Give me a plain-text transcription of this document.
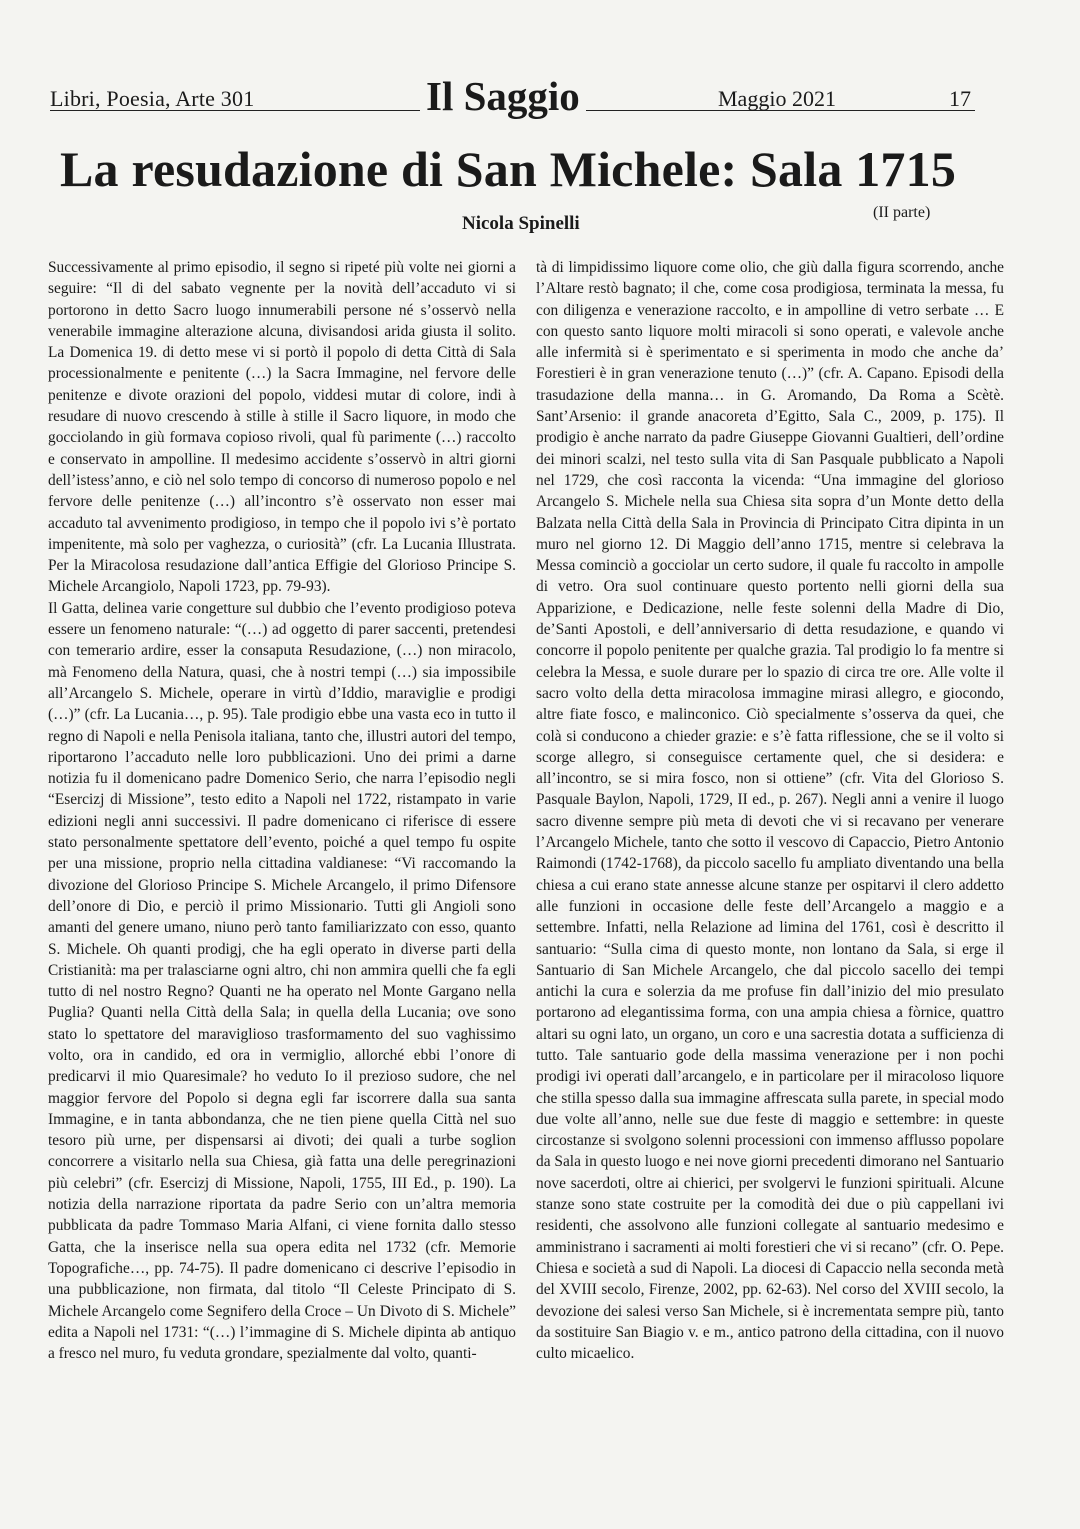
Libri, Poesia, Arte 301	Il Saggio	Maggio 2021	17
La resudazione di San Michele: Sala 1715
Nicola Spinelli
(II parte)

Successivamente al primo episodio, il segno si ripeté più volte nei giorni a seguire: “Il di del sabato vegnente per la novità dell’accaduto vi si portorono in detto Sacro luogo innumerabili persone né s’osservò nella venerabile immagine alterazione alcuna, divisandosi arida giusta il solito. La Domenica 19. di detto mese vi si portò il popolo di detta Città di Sala processionalmente e penitente (…) la Sacra Immagine, nel fervore delle penitenze e divote orazioni del popolo, viddesi mutar di colore, indi à resudare di nuovo crescendo à stille à stille il Sacro liquore, in modo che gocciolando in giù formava copioso rivoli, qual fù parimente (…) raccolto e conservato in ampolline. Il medesimo accidente s’osservò in altri giorni dell’istess’anno, e ciò nel solo tempo di concorso di numeroso popolo e nel fervore delle penitenze (…) all’incontro s’è osservato non esser mai accaduto tal avvenimento prodigioso, in tempo che il popolo ivi s’è portato impenitente, mà solo per vaghezza, o curiosità” (cfr. La Lucania Illustrata. Per la Miracolosa resudazione dall’antica Effigie del Glorioso Principe S. Michele Arcangiolo, Napoli 1723, pp. 79-93).

Il Gatta, delinea varie congetture sul dubbio che l’evento prodigioso poteva essere un fenomeno naturale: “(…) ad oggetto di parer saccenti, pretendesi con temerario ardire, esser la consaputa Resudazione, (…) non miracolo, mà Fenomeno della Natura, quasi, che à nostri tempi (…) sia impossibile all’Arcangelo S. Michele, operare in virtù d’Iddio, maraviglie e prodigi (…)” (cfr. La Lucania…, p. 95). Tale prodigio ebbe una vasta eco in tutto il regno di Napoli e nella Penisola italiana, tanto che, illustri autori del tempo, riportarono l’accaduto nelle loro pubblicazioni. Uno dei primi a darne notizia fu il domenicano padre Domenico Serio, che narra l’episodio negli “Esercizj di Missione”, testo edito a Napoli nel 1722, ristampato in varie edizioni negli anni successivi. Il padre domenicano ci riferisce di essere stato personalmente spettatore dell’evento, poiché a quel tempo fu ospite per una missione, proprio nella cittadina valdianese: “Vi raccomando la divozione del Glorioso Principe S. Michele Arcangelo, il primo Difensore dell’onore di Dio, e perciò il primo Missionario. Tutti gli Angioli sono amanti del genere umano, niuno però tanto familiarizzato con esso, quanto S. Michele. Oh quanti prodigj, che ha egli operato in diverse parti della Cristianità: ma per tralasciarne ogni altro, chi non ammira quelli che fa egli tutto di nel nostro Regno? Quanti ne ha operato nel Monte Gargano nella Puglia? Quanti nella Città della Sala; in quella della Lucania; ove sono stato lo spettatore del maraviglioso trasformamento del suo vaghissimo volto, ora in candido, ed ora in vermiglio, allorché ebbi l’onore di predicarvi il mio Quaresimale? ho veduto Io il prezioso sudore, che nel maggior fervore del Popolo si degna egli far iscorrere dalla sua santa Immagine, e in tanta abbondanza, che ne tien piene quella Città nel suo tesoro più urne, per dispensarsi ai divoti; dei quali a turbe soglion concorrere a visitarlo nella sua Chiesa, già fatta una delle peregrinazioni più celebri” (cfr. Esercizj di Missione, Napoli, 1755, III Ed., p. 190). La notizia della narrazione riportata da padre Serio con un’altra memoria pubblicata da padre Tommaso Maria Alfani, ci viene fornita dallo stesso Gatta, che la inserisce nella sua opera edita nel 1732 (cfr. Memorie Topografiche…, pp. 74-75). Il padre domenicano ci descrive l’episodio in una pubblicazione, non firmata, dal titolo “Il Celeste Principato di S. Michele Arcangelo come Segnifero della Croce – Un Divoto di S. Michele” edita a Napoli nel 1731: “(…) l’immagine di S. Michele dipinta ab antiquo a fresco nel muro, fu veduta grondare, spezialmente dal volto, quanti-

tà di limpidissimo liquore come olio, che giù dalla figura scorrendo, anche l’Altare restò bagnato; il che, come cosa prodigiosa, terminata la messa, fu con diligenza e venerazione raccolto, e in ampolline di vetro serbate … E con questo santo liquore molti miracoli si sono operati, e valevole anche alle infermità si è sperimentato e si sperimenta in modo che anche da’ Forestieri è in gran venerazione tenuto (…)” (cfr. A. Capano. Episodi della trasudazione della manna… in G. Aromando, Da Roma a Scètè. Sant’Arsenio: il grande anacoreta d’Egitto, Sala C., 2009, p. 175). Il prodigio è anche narrato da padre Giuseppe Giovanni Gualtieri, dell’ordine dei minori scalzi, nel testo sulla vita di San Pasquale pubblicato a Napoli nel 1729, che così racconta la vicenda: “Una immagine del glorioso Arcangelo S. Michele nella sua Chiesa sita sopra d’un Monte detto della Balzata nella Città della Sala in Provincia di Principato Citra dipinta in un muro nel giorno 12. Di Maggio dell’anno 1715, mentre si celebrava la Messa cominciò a gocciolar un certo sudore, il quale fu raccolto in ampolle di vetro. Ora suol continuare questo portento nelli giorni della sua Apparizione, e Dedicazione, nelle feste solenni della Madre di Dio, de’Santi Apostoli, e dell’anniversario di detta resudazione, e quando vi concorre il popolo penitente per qualche grazia. Tal prodigio lo fa mentre si celebra la Messa, e suole durare per lo spazio di circa tre ore. Alle volte il sacro volto della detta miracolosa immagine mirasi allegro, e giocondo, altre fiate fosco, e malinconico. Ciò specialmente s’osserva da quei, che colà si conducono a chieder grazie: e s’è fatta riflessione, che se il volto si scorge allegro, si conseguisce certamente quel, che si desidera: e all’incontro, se si mira fosco, non si ottiene” (cfr. Vita del Glorioso S. Pasquale Baylon, Napoli, 1729, II ed., p. 267). Negli anni a venire il luogo sacro divenne sempre più meta di devoti che vi si recavano per venerare l’Arcangelo Michele, tanto che sotto il vescovo di Capaccio, Pietro Antonio Raimondi (1742-1768), da piccolo sacello fu ampliato diventando una bella chiesa a cui erano state annesse alcune stanze per ospitarvi il clero addetto alle funzioni in occasione delle feste dell’Arcangelo a maggio e a settembre. Infatti, nella Relazione ad limina del 1761, così è descritto il santuario: “Sulla cima di questo monte, non lontano da Sala, si erge il Santuario di San Michele Arcangelo, che dal piccolo sacello dei tempi antichi la cura e solerzia da me profuse fin dall’inizio del mio presulato portarono ad elegantissima forma, con una ampia chiesa a fòrnice, quattro altari su ogni lato, un organo, un coro e una sacrestia dotata a sufficienza di tutto. Tale santuario gode della massima venerazione per i non pochi prodigi ivi operati dall’arcangelo, e in particolare per il miracoloso liquore che stilla spesso dalla sua immagine affrescata sulla parete, in special modo due volte all’anno, nelle sue due feste di maggio e settembre: in queste circostanze si svolgono solenni processioni con immenso afflusso popolare da Sala in questo luogo e nei nove giorni precedenti dimorano nel Santuario nove sacerdoti, oltre ai chierici, per svolgervi le funzioni spirituali. Alcune stanze sono state costruite per la comodità dei due o più cappellani ivi residenti, che assolvono alle funzioni collegate al santuario medesimo e amministrano i sacramenti ai molti forestieri che vi si recano” (cfr. O. Pepe. Chiesa e società a sud di Napoli. La diocesi di Capaccio nella seconda metà del XVIII secolo, Firenze, 2002, pp. 62-63). Nel corso del XVIII secolo, la devozione dei salesi verso San Michele, si è incrementata sempre più, tanto da sostituire San Biagio v. e m., antico patrono della cittadina, con il nuovo culto micaelico.
